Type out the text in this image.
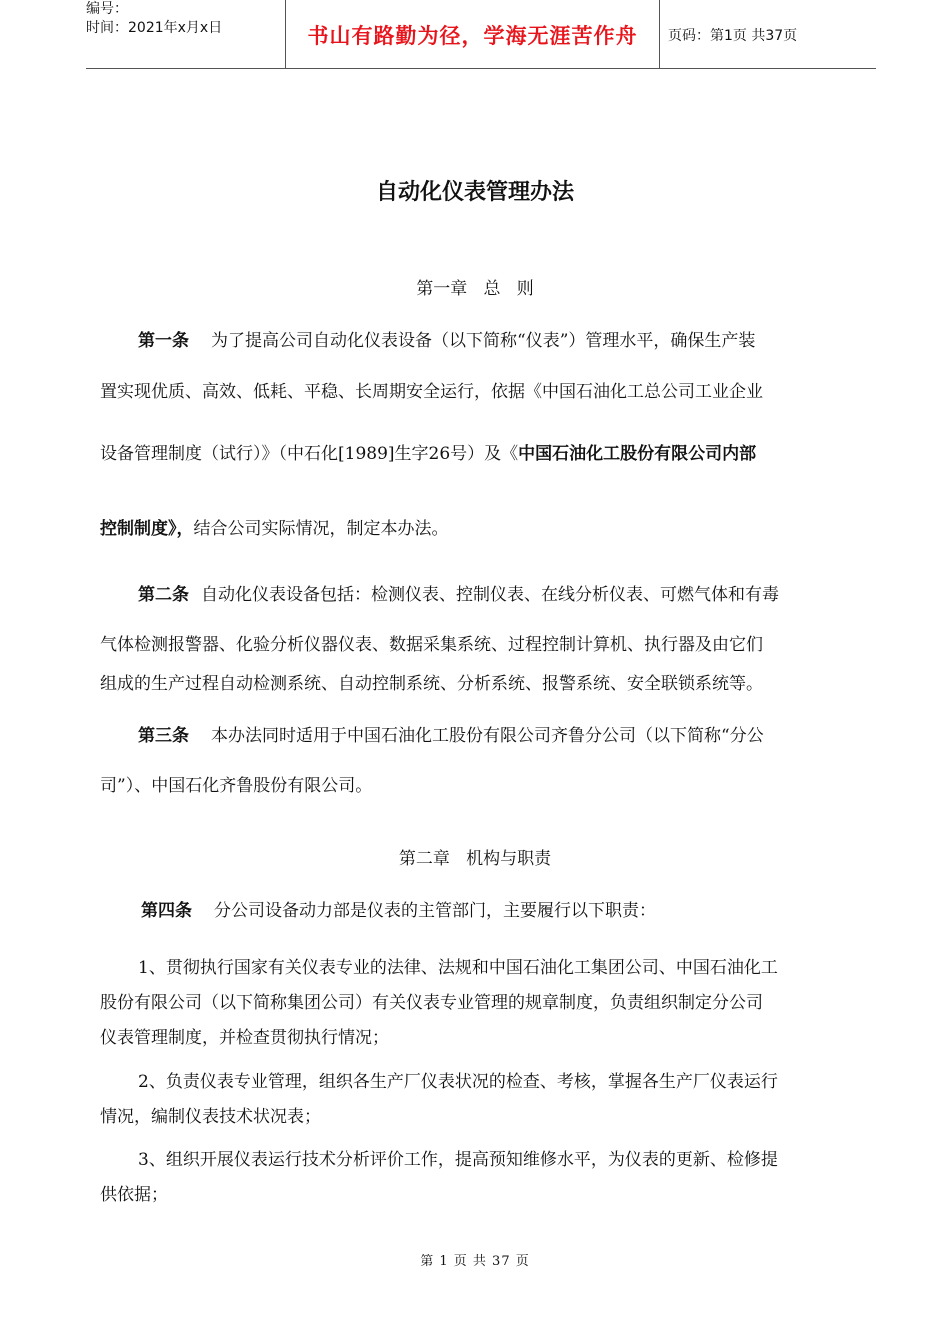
编号：
时间：2021年x月x日	书山有路勤为径，学海无涯苦作舟	页码：第1页 共37页
自动化仪表管理办法
第一章   总   则
第一条 为了提高公司自动化仪表设备（以下简称“仪表”）管理水平，确保生产装
置实现优质、高效、低耗、平稳、长周期安全运行，依据《中国石油化工总公司工业企业
设备管理制度（试行）》（中石化[1989]生字26号）及《中国石油化工股份有限公司内部
控制制度》，结合公司实际情况，制定本办法。
第二条 自动化仪表设备包括：检测仪表、控制仪表、在线分析仪表、可燃气体和有毒
气体检测报警器、化验分析仪器仪表、数据采集系统、过程控制计算机、执行器及由它们
组成的生产过程自动检测系统、自动控制系统、分析系统、报警系统、安全联锁系统等。
第三条 本办法同时适用于中国石油化工股份有限公司齐鲁分公司（以下简称“分公
司”）、中国石化齐鲁股份有限公司。
第二章   机构与职责
第四条 分公司设备动力部是仪表的主管部门，主要履行以下职责：
1、贯彻执行国家有关仪表专业的法律、法规和中国石油化工集团公司、中国石油化工
股份有限公司（以下简称集团公司）有关仪表专业管理的规章制度，负责组织制定分公司
仪表管理制度，并检查贯彻执行情况；
2、负责仪表专业管理，组织各生产厂仪表状况的检查、考核，掌握各生产厂仪表运行
情况，编制仪表技术状况表；
3、组织开展仪表运行技术分析评价工作，提高预知维修水平，为仪表的更新、检修提
供依据；
第 1 页 共 37 页
